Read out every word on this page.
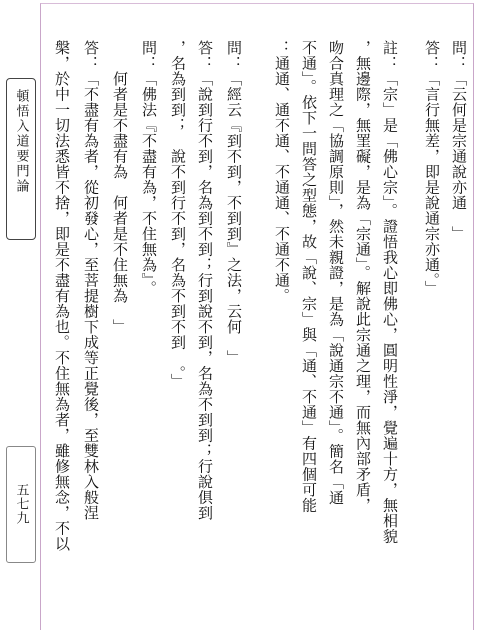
頓悟入道要門論
五七九
問：「云何是宗通說亦通　」
答：「言行無差，即是說通宗亦通。」
註：「宗」是「佛心宗」。證悟我心即佛心，圓明性淨，覺遍十方，無相貌
，無邊際，無罣礙，是為「宗通」。解說此宗通之理，而無內部矛盾，
吻合真理之「協調原則」，然未親證，是為「說通宗不通」。簡名「通
不通」。依下一問答之型態，故「說、宗」與「通、不通」有四個可能
：通通、通不通、不通通、不通不通。
問：「經云『到不到，不到到』之法，云何　」
答：「說到行不到，名為到不到；行到說不到，名為不到到；行說俱到
，名為到到；　說不到行不到，名為不到不到　。」
問：「佛法『不盡有為，不住無為』。
　　何者是不盡有為　何者是不住無為　」
答：「不盡有為者，從初發心，至菩提樹下成等正覺後，至雙林入般涅
槃，於中一切法悉皆不捨，即是不盡有為也。不住無為者，雖修無念，不以
